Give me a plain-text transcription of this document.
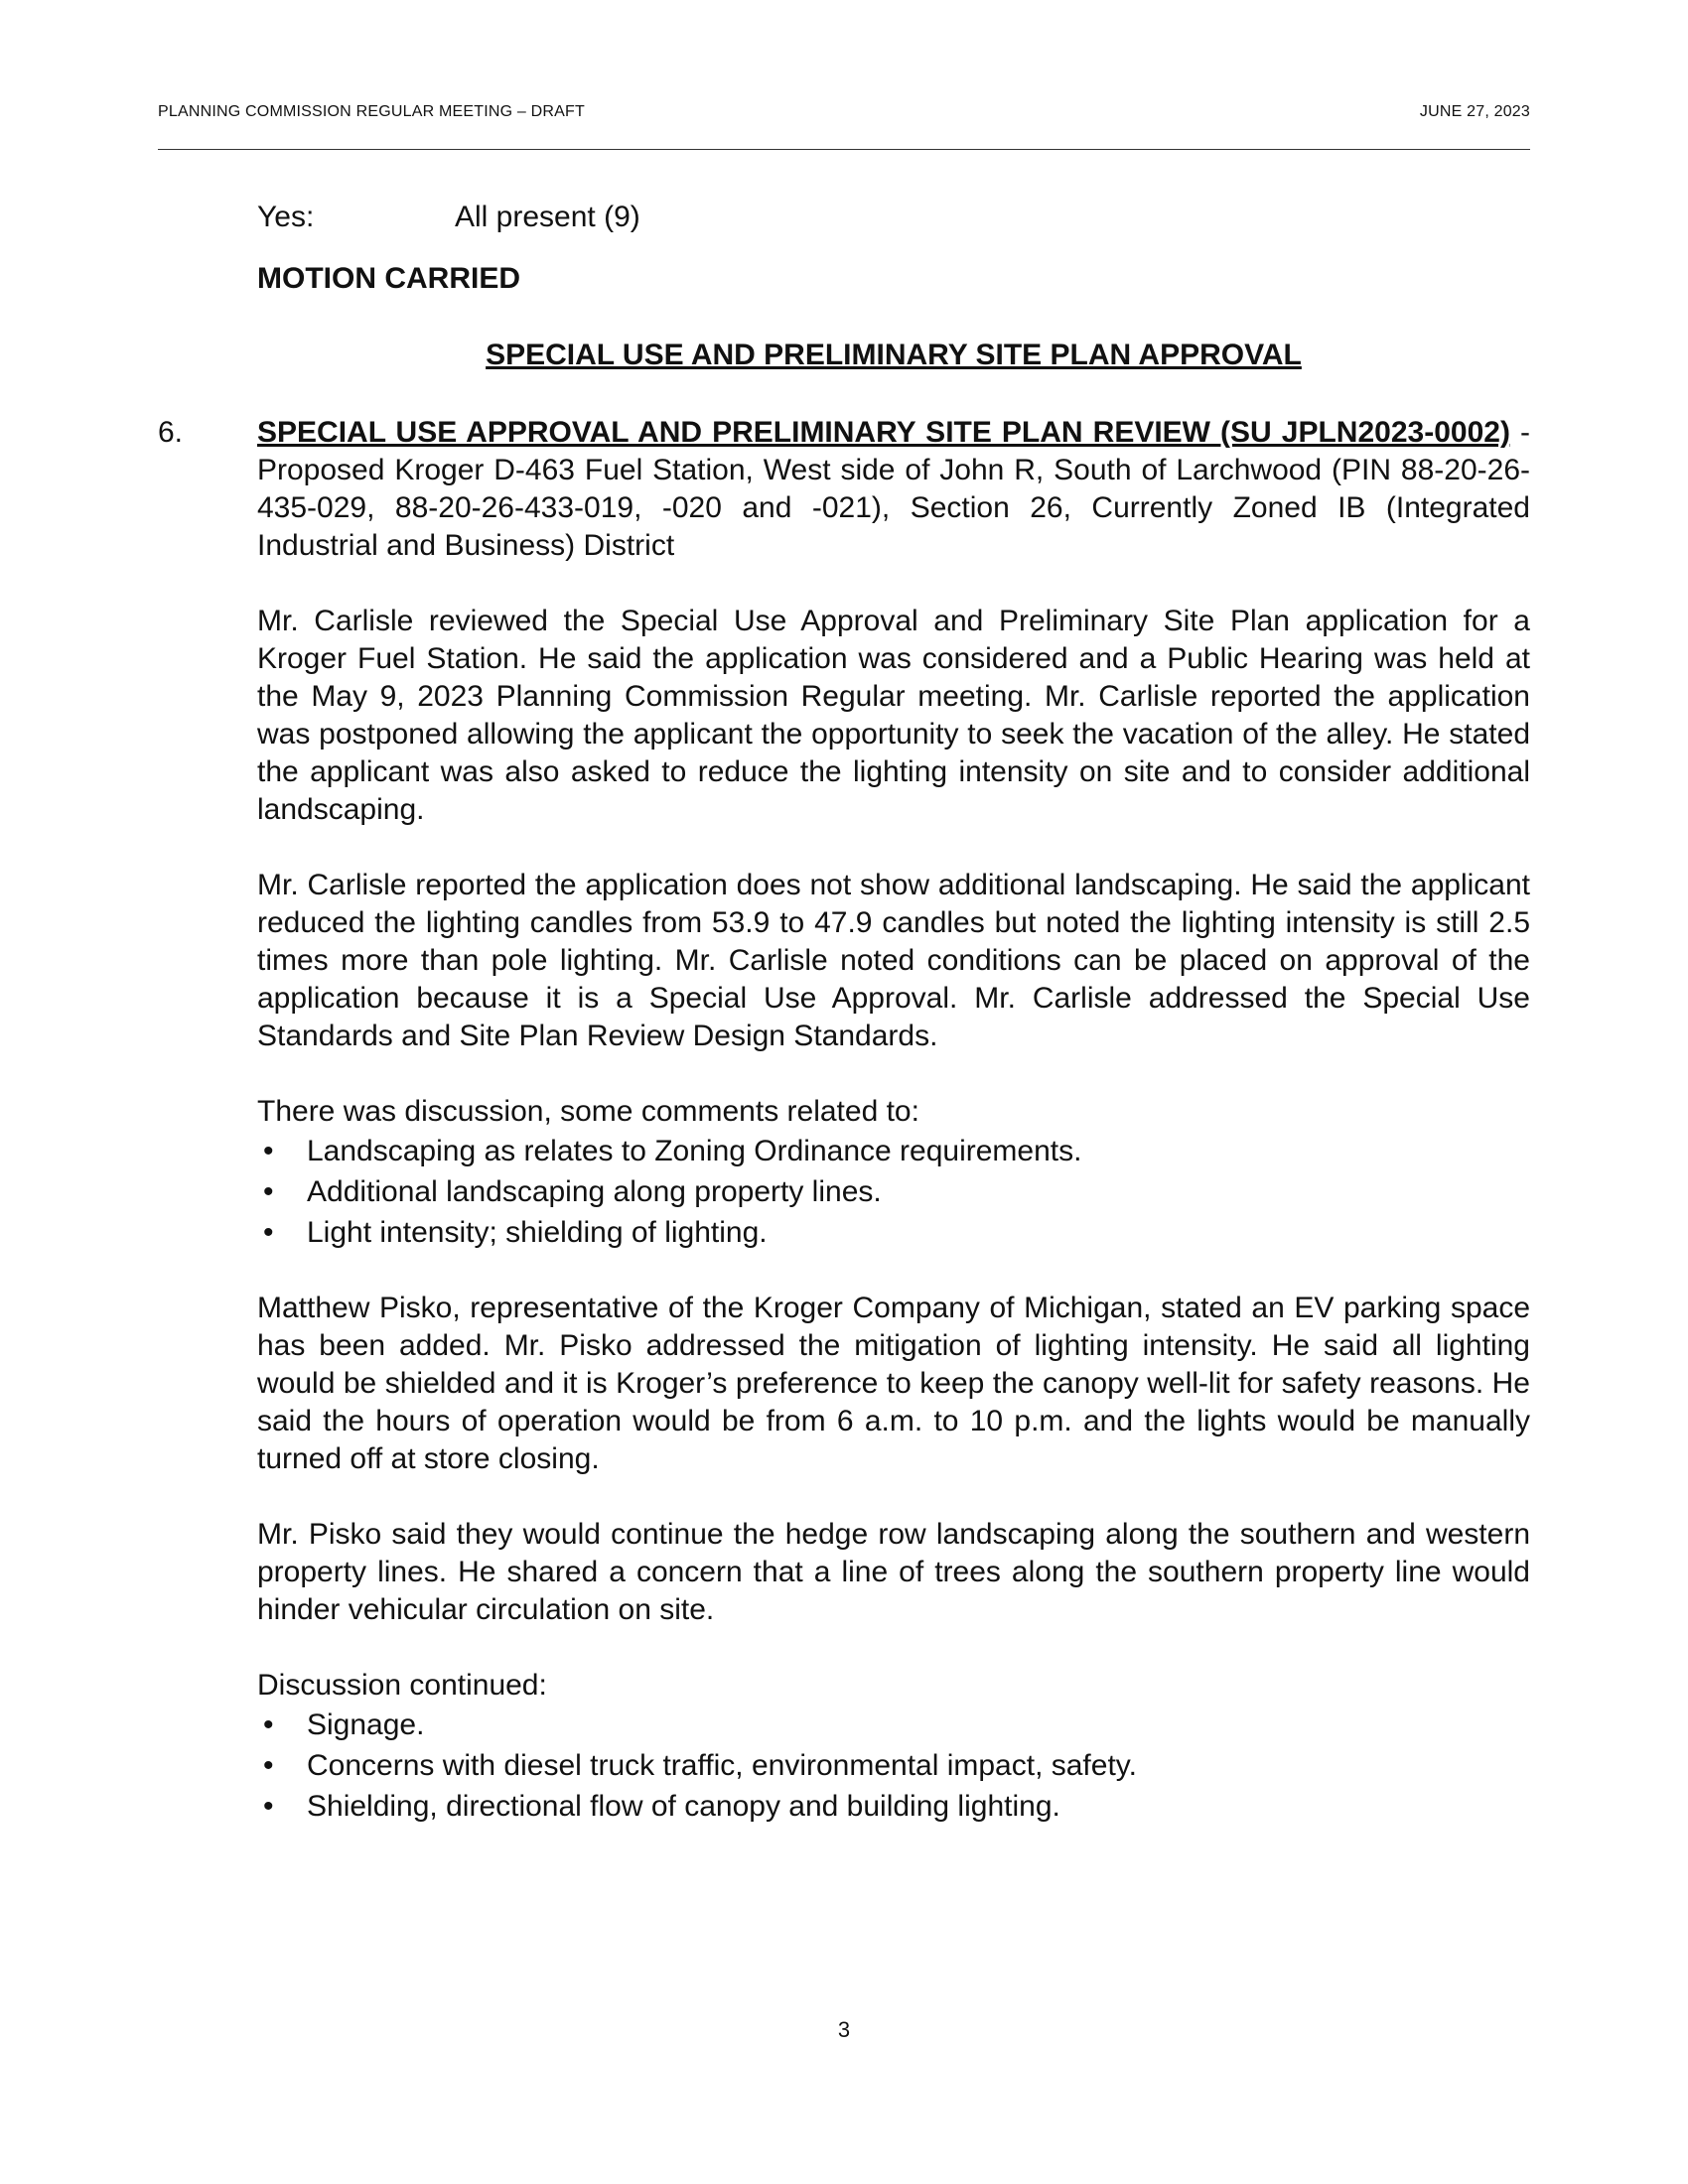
PLANNING COMMISSION REGULAR MEETING – DRAFT	JUNE 27, 2023
Yes:	All present (9)
MOTION CARRIED
SPECIAL USE AND PRELIMINARY SITE PLAN APPROVAL
6. SPECIAL USE APPROVAL AND PRELIMINARY SITE PLAN REVIEW (SU JPLN2023-0002) - Proposed Kroger D-463 Fuel Station, West side of John R, South of Larchwood (PIN 88-20-26-435-029, 88-20-26-433-019, -020 and -021), Section 26, Currently Zoned IB (Integrated Industrial and Business) District

Mr. Carlisle reviewed the Special Use Approval and Preliminary Site Plan application for a Kroger Fuel Station. He said the application was considered and a Public Hearing was held at the May 9, 2023 Planning Commission Regular meeting. Mr. Carlisle reported the application was postponed allowing the applicant the opportunity to seek the vacation of the alley. He stated the applicant was also asked to reduce the lighting intensity on site and to consider additional landscaping.

Mr. Carlisle reported the application does not show additional landscaping. He said the applicant reduced the lighting candles from 53.9 to 47.9 candles but noted the lighting intensity is still 2.5 times more than pole lighting. Mr. Carlisle noted conditions can be placed on approval of the application because it is a Special Use Approval. Mr. Carlisle addressed the Special Use Standards and Site Plan Review Design Standards.

There was discussion, some comments related to:

• Landscaping as relates to Zoning Ordinance requirements.
• Additional landscaping along property lines.
• Light intensity; shielding of lighting.

Matthew Pisko, representative of the Kroger Company of Michigan, stated an EV parking space has been added. Mr. Pisko addressed the mitigation of lighting intensity. He said all lighting would be shielded and it is Kroger’s preference to keep the canopy well-lit for safety reasons. He said the hours of operation would be from 6 a.m. to 10 p.m. and the lights would be manually turned off at store closing.

Mr. Pisko said they would continue the hedge row landscaping along the southern and western property lines. He shared a concern that a line of trees along the southern property line would hinder vehicular circulation on site.

Discussion continued:

• Signage.
• Concerns with diesel truck traffic, environmental impact, safety.
• Shielding, directional flow of canopy and building lighting.
3
